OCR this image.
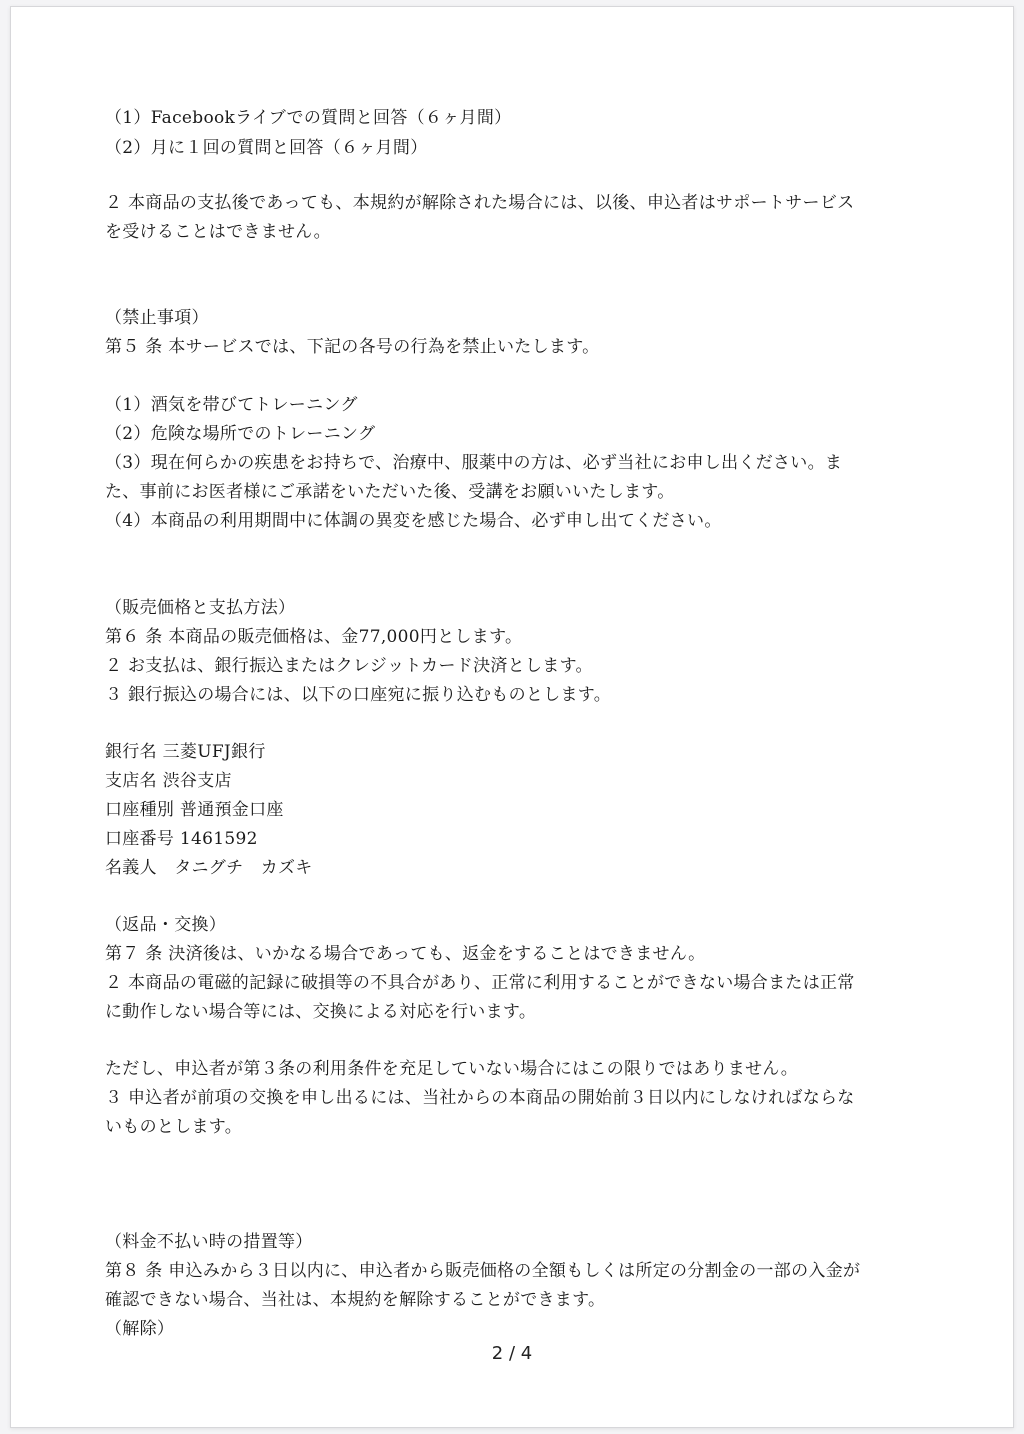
（1）Facebookライブでの質問と回答（６ヶ月間）
（2）月に１回の質問と回答（６ヶ月間）
２ 本商品の支払後であっても、本規約が解除された場合には、以後、申込者はサポートサービス
を受けることはできません。
（禁止事項）
第５ 条 本サービスでは、下記の各号の行為を禁止いたします。
（1）酒気を帯びてトレーニング
（2）危険な場所でのトレーニング
（3）現在何らかの疾患をお持ちで、治療中、服薬中の方は、必ず当社にお申し出ください。ま
た、事前にお医者様にご承諾をいただいた後、受講をお願いいたします。
（4）本商品の利用期間中に体調の異変を感じた場合、必ず申し出てください。
（販売価格と支払方法）
第６ 条 本商品の販売価格は、金77,000円とします。
２ お支払は、銀行振込またはクレジットカード決済とします。
３ 銀行振込の場合には、以下の口座宛に振り込むものとします。
銀行名 三菱UFJ銀行
支店名 渋谷支店
口座種別 普通預金口座
口座番号 1461592
名義人　タニグチ　カズキ
（返品・交換）
第７ 条 決済後は、いかなる場合であっても、返金をすることはできません。
２ 本商品の電磁的記録に破損等の不具合があり、正常に利用することができない場合または正常
に動作しない場合等には、交換による対応を行います。
ただし、申込者が第３条の利用条件を充足していない場合にはこの限りではありません。
３ 申込者が前項の交換を申し出るには、当社からの本商品の開始前３日以内にしなければならな
いものとします。
（料金不払い時の措置等）
第８ 条 申込みから３日以内に、申込者から販売価格の全額もしくは所定の分割金の一部の入金が
確認できない場合、当社は、本規約を解除することができます。
（解除）
2 / 4
